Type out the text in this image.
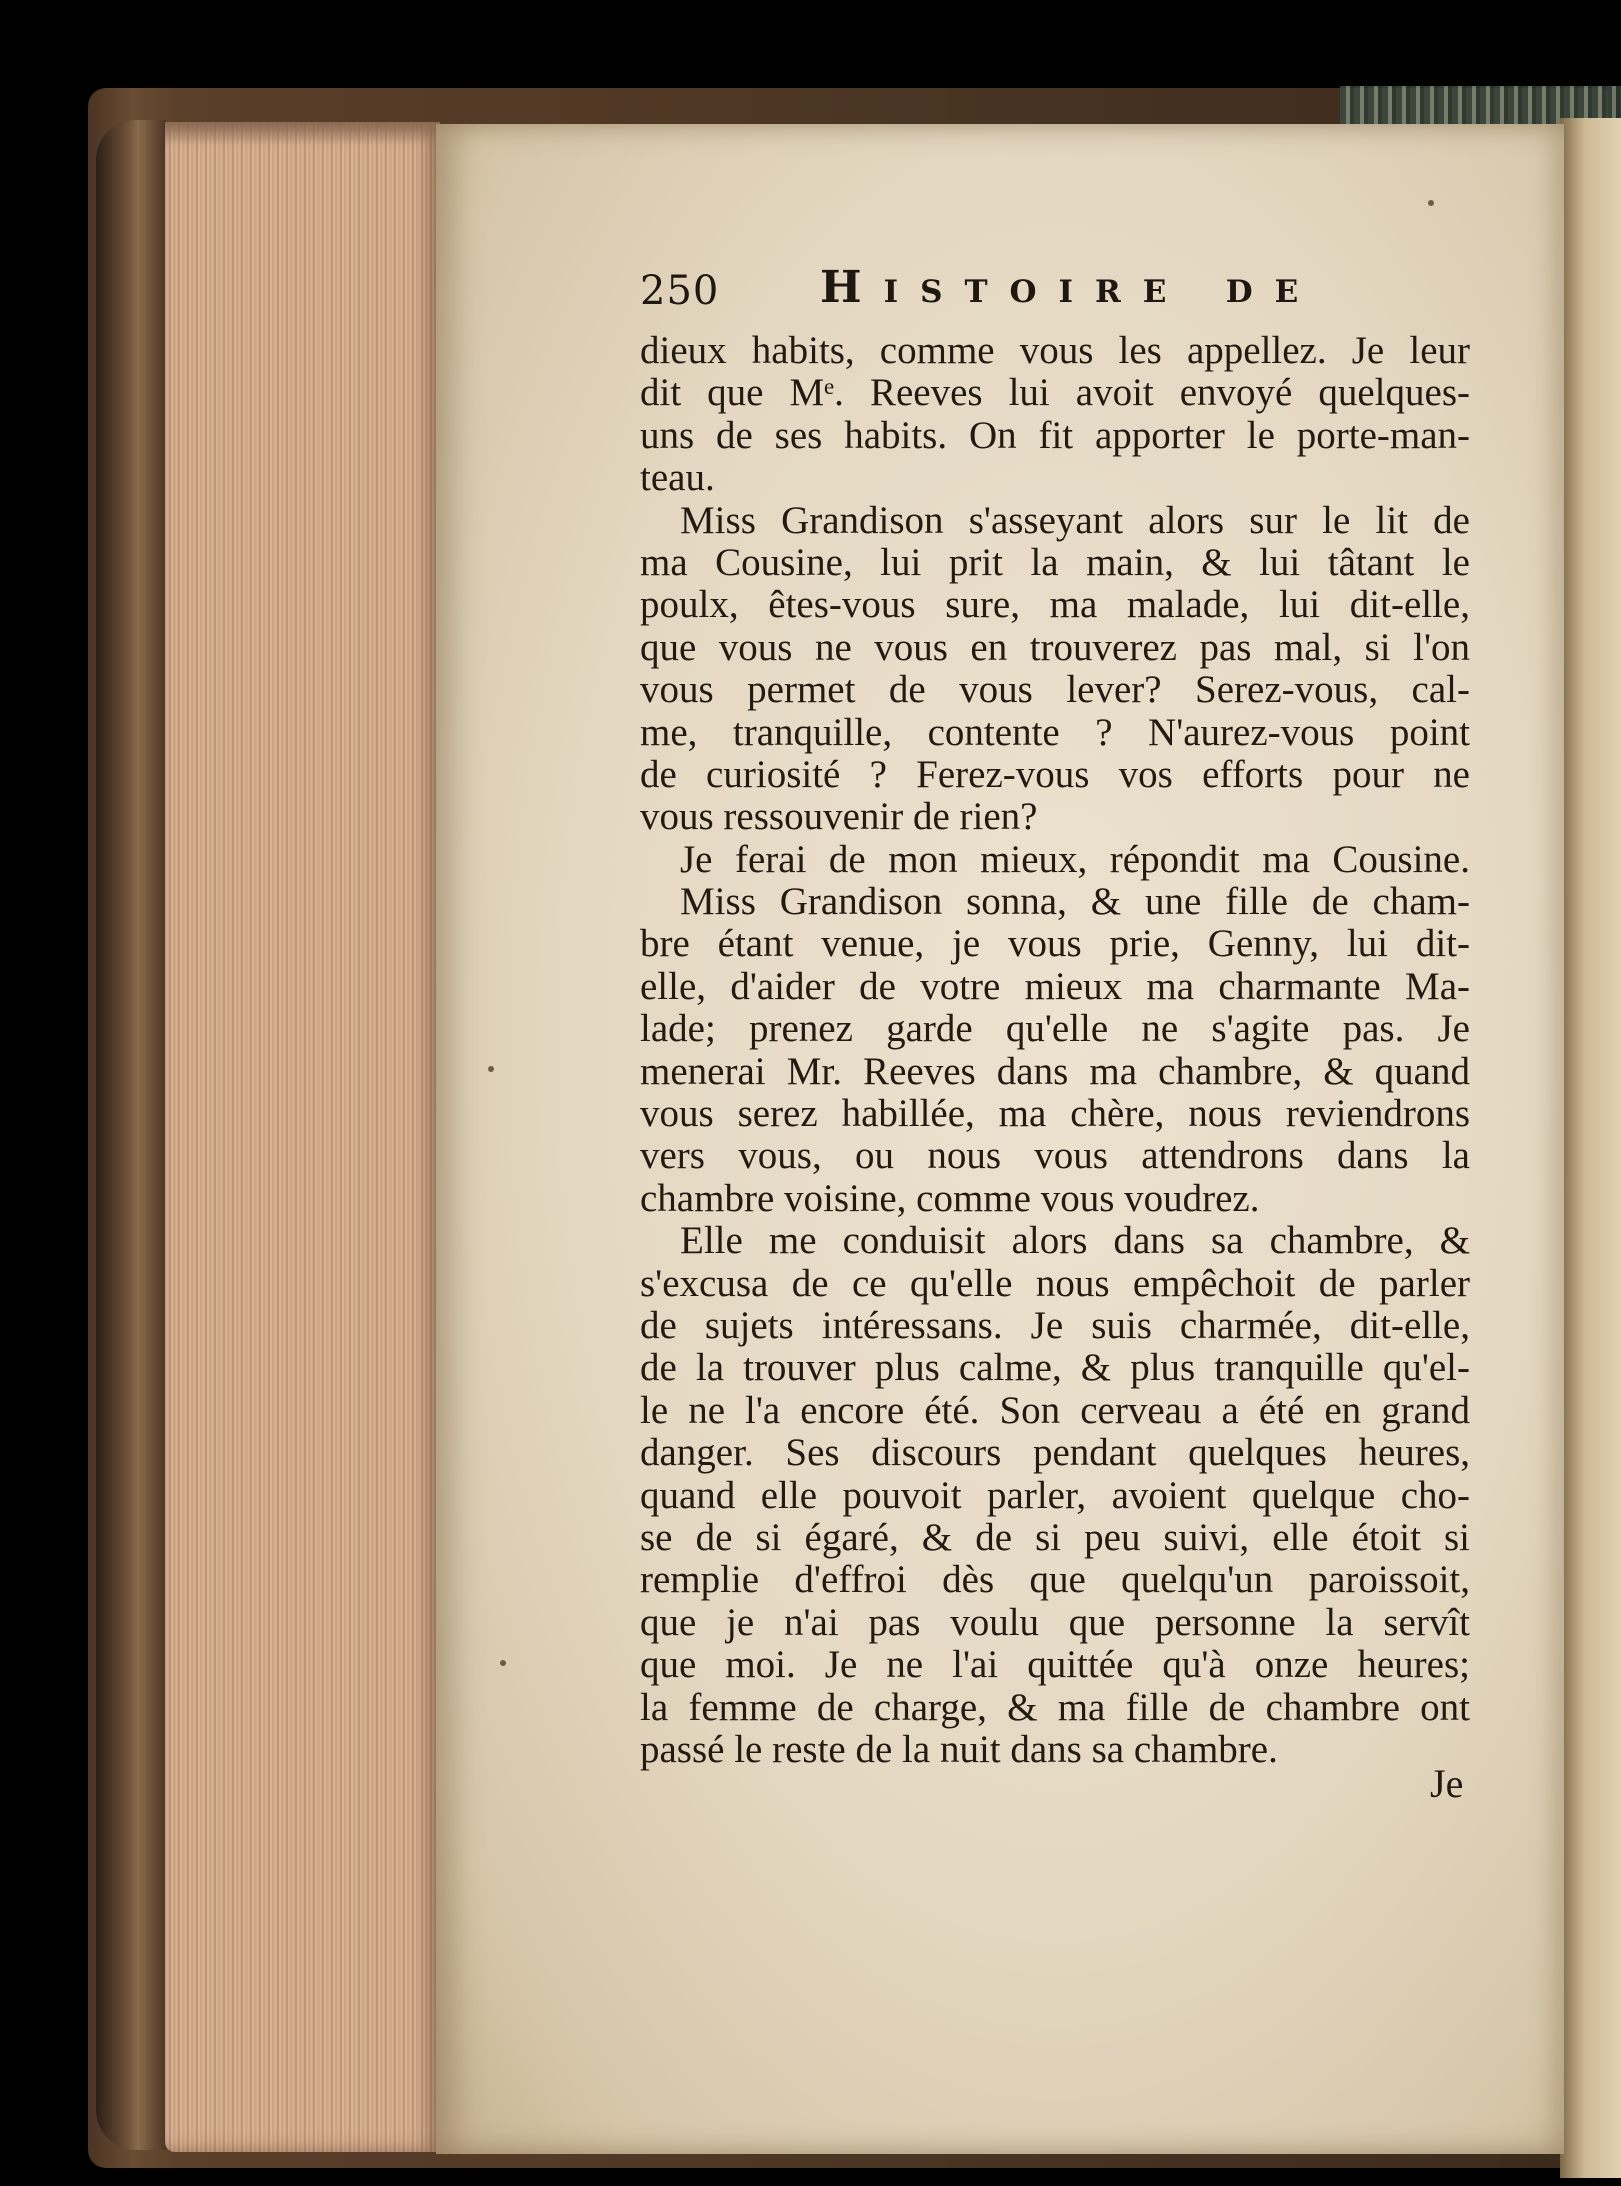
250 Histoire de
dieux habits, comme vous les appellez. Je leur
dit que Mᵉ. Reeves lui avoit envoyé quelques-
uns de ses habits. On fit apporter le porte-man-
teau.
Miss Grandison s'asseyant alors sur le lit de
ma Cousine, lui prit la main, & lui tâtant le
poulx, êtes-vous sure, ma malade, lui dit-elle,
que vous ne vous en trouverez pas mal, si l'on
vous permet de vous lever? Serez-vous, cal-
me, tranquille, contente ? N'aurez-vous point
de curiosité ? Ferez-vous vos efforts pour ne
vous ressouvenir de rien?
Je ferai de mon mieux, répondit ma Cousine.
Miss Grandison sonna, & une fille de cham-
bre étant venue, je vous prie, Genny, lui dit-
elle, d'aider de votre mieux ma charmante Ma-
lade; prenez garde qu'elle ne s'agite pas. Je
menerai Mr. Reeves dans ma chambre, & quand
vous serez habillée, ma chère, nous reviendrons
vers vous, ou nous vous attendrons dans la
chambre voisine, comme vous voudrez.
Elle me conduisit alors dans sa chambre, &
s'excusa de ce qu'elle nous empêchoit de parler
de sujets intéressans. Je suis charmée, dit-elle,
de la trouver plus calme, & plus tranquille qu'el-
le ne l'a encore été. Son cerveau a été en grand
danger. Ses discours pendant quelques heures,
quand elle pouvoit parler, avoient quelque cho-
se de si égaré, & de si peu suivi, elle étoit si
remplie d'effroi dès que quelqu'un paroissoit,
que je n'ai pas voulu que personne la servît
que moi. Je ne l'ai quittée qu'à onze heures;
la femme de charge, & ma fille de chambre ont
passé le reste de la nuit dans sa chambre.
Je
